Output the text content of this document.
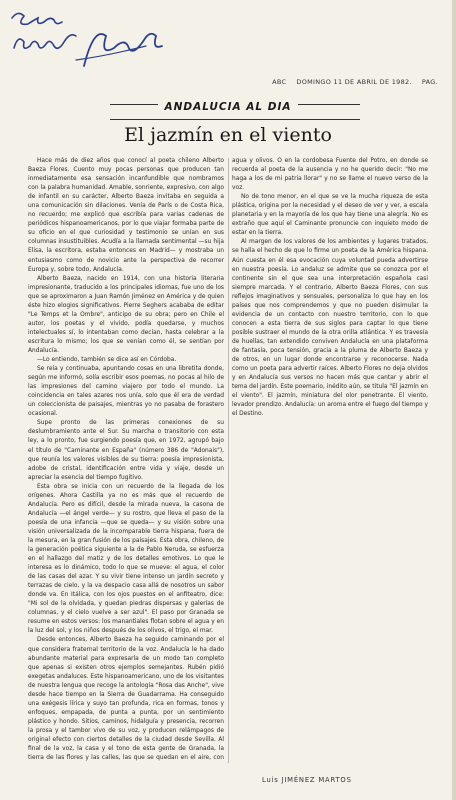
ABC DOMINGO 11 DE ABRIL DE 1982. PAG.
ANDALUCIA AL DIA
El jazmín en el viento

Hace más de diez años que conocí al poeta chileno Alberto Baeza Flores. Cuento muy pocas personas que producen tan inmediatamente esa sensación incanfundible que nombramos con la palabra humanidad. Amable, sonriente, expresivo, con algo de infantil en su carácter, Alberto Baeza invitaba en seguida a una comunicación sin dilaciones. Venía de París o de Costa Rica, no recuerdo; me explicó que escribía para varias cadenas de periódicos hispanoamericanos, por lo que viajar formaba parte de su oficio en el que curiosidad y testimonio se unían en sus columnas insustituibles. Acudía a la llamada sentimental —su hija Elisa, la escritora, estaba entonces en Madrid— y mostraba un entusiasmo como de novicio ante la perspectiva de recorrer Europa y, sobre todo, Andalucía.

Alberto Baeza, nacido en 1914, con una historia literaria impresionante, traducido a los principales idiomas, fue uno de los que se aproximaron a Juan Ramón Jiménez en América y de quien éste hizo elogios significativos. Pierre Seghers acababa de editar "Le Temps et la Ombre", anticipo de su obra; pero en Chile el autor, los poetas y el vivido, podía quedarse, y muchos intelectuales sí, lo intentaban como decían, hasta celebrar a la escritura lo mismo; los que se venían como él, se sentían por Andalucía.

—Lo entiendo, también se dice así en Córdoba.

Se reía y continuaba, apuntando cosas en una libretita donde, según me informó, solía escribir esos poemas, no pocas al hilo de las impresiones del camino viajero por todo el mundo. La coincidencia en tales azares nos unía, solo que él era de verdad un coleccionista de paisajes, mientras yo no pasaba de forastero ocasional.

Supe pronto de las primeras conexiones de su deslumbramiento ante el Sur. Su marcha o transitorio con esta ley, a lo pronto, fue surgiendo poesía que, en 1972, agrupó bajo el título de "Caminante en España" (número 386 de "Adonais"), que reunía los valores visibles de su tierra: poesía impresionista, adobe de cristal, identificación entre vida y viaje, desde un apreciar la esencia del tiempo fugitivo.

Esta obra se inicia con un recuerdo de la llegada de los orígenes. Ahora Castilla ya no es más que el recuerdo de Andalucía. Pero es difícil, desde la mirada nueva, la casona de Andalucía —el ángel verde— y su rostro, que lleva el paso de la poesía de una infancia —que se queda— y su visión sobre una visión universalizada de la incomparable tierra hispana, fuera de la mesura, en la gran fusión de los paisajes. Esta obra, chileno, de la generación poética siguiente a la de Pablo Neruda, se esfuerza en el hallazgo del matiz y de los detalles emotivos. Lo que le interesa es lo dinámico, todo lo que se mueve: el agua, el color de las casas del azar. Y su vivir tiene intenso un jardín secreto y terrazas de cielo, y la va despacio casa allá de nosotros un sabor donde va. En Itálica, con los ojos puestos en el anfiteatro, dice: "Mi sol de la olvidada, y quedan piedras dispersas y galerías de columnas, y el cielo vuelve a ser azul". El paso por Granada se resume en estos versos: los manantiales flotan sobre el agua y en la luz del sol, y los niños después de los olivos, el trigo, el mar.

Desde entonces, Alberto Baeza ha seguido caminando por el que considera fraternal territorio de la voz. Andalucía le ha dado abundante material para expresarla de un modo tan completo que apenas si existen otros ejemplos semejantes. Rubén pidió exegetas andaluces. Este hispanoamericano, uno de los visitantes de nuestra lengua que recoge la antología "Rosa das Anche", vive desde hace tiempo en la Sierra de Guadarrama. Ha conseguido una exégesis lírica y suyo tan profunda, rica en formas, tonos y enfoques, empapada, de punta a punta, por un sentimiento plástico y hondo. Sitios, caminos, hidalguía y presencia, recorren la prosa y el tambor vivo de su voz, y producen relámpagos de original efecto con ciertos detalles de la ciudad desde Sevilla. Al final de la voz, la casa y el tono de esta gente de Granada, la tierra de las flores y las calles, las que se quedan en el aire, con agua y olivos. O en la cordobesa Fuente del Potro, en donde se recuerda al poeta de la ausencia y no he querido decir: "No me haga a los de mi patria llorar" y no se llame el nuevo verso de la voz.

No de tono menor, en el que se ve la mucha riqueza de esta plástica, origina por la necesidad y el deseo de ver y ver, a escala planetaria y en la mayoría de los que hay tiene una alegría. No es extraño que aquí el Caminante pronuncie con inquieto modo de estar en la tierra.

Al margen de los valores de los ambientes y lugares tratados, se halla el hecho de que lo firme un poeta de la América hispana. Aún cuesta en él esa evocación cuya voluntad pueda advertirse en nuestra poesía. Lo andaluz se admite que se conozca por el continente sin el que sea una interpretación española casi siempre marcada. Y el contrario, Alberto Baeza Flores, con sus reflejos imaginativos y sensuales, personaliza lo que hay en los países que nos comprendemos y que no pueden disimular la evidencia de un contacto con nuestro territorio, con lo que conocen a esta tierra de sus siglos para captar lo que tiene posible sustraer el mundo de la otra orilla atlántica. Y es travesía de huellas, tan extendido conviven Andalucía en una plataforma de fantasía, poca tensión, gracia a la pluma de Alberto Baeza y de otros, en un lugar donde encontrarse y reconocerse. Nada como un poeta para advertir raíces. Alberto Flores no deja olvidos y en Andalucía sus versos no hacen más que cantar y abrir el tema del jardín. Este poemario, inédito aún, se titula "El jazmín en el viento". El jazmín, miniatura del olor penetrante. El viento, levador prendizo. Andalucía: un aroma entre el fuego del tiempo y el Destino.

Luis JIMÉNEZ MARTOS
